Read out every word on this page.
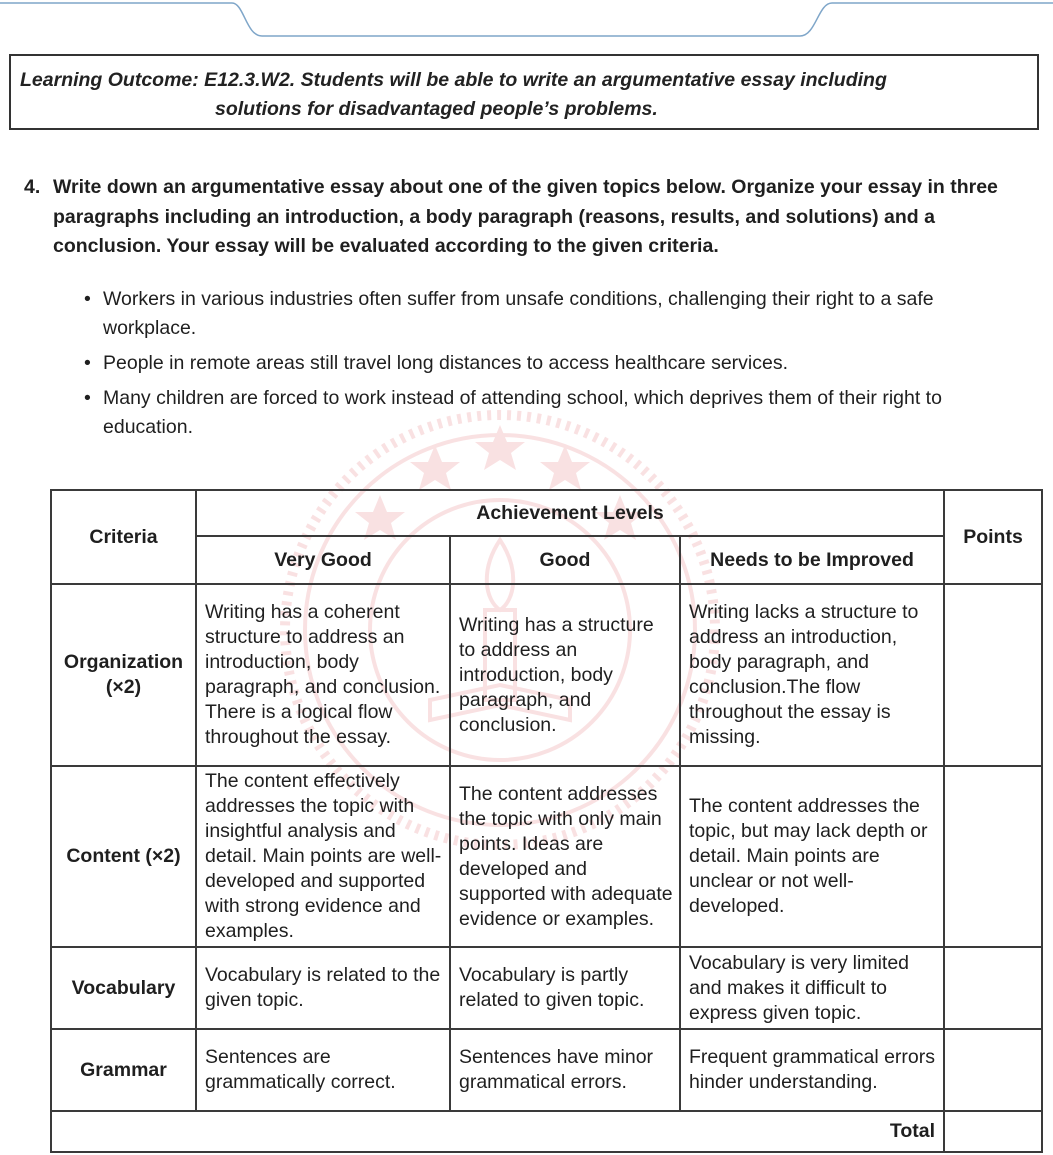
Learning Outcome: E12.3.W2. Students will be able to write an argumentative essay including
solutions for disadvantaged people’s problems.
4. Write down an argumentative essay about one of the given topics below. Organize your essay in three paragraphs including an introduction, a body paragraph (reasons, results, and solutions) and a conclusion. Your essay will be evaluated according to the given criteria.
• Workers in various industries often suffer from unsafe conditions, challenging their right to a safe workplace.
• People in remote areas still travel long distances to access healthcare services.
• Many children are forced to work instead of attending school, which deprives them of their right to education.
Criteria	Achievement Levels			Points
	Very Good	Good	Needs to be Improved	
Organization (×2)	Writing has a coherent structure to address an introduction, body paragraph, and conclusion. There is a logical flow throughout the essay.	Writing has a structure to address an introduction, body paragraph, and conclusion.	Writing lacks a structure to address an introduction, body paragraph, and conclusion.The flow throughout the essay is missing.	
Content (×2)	The content effectively addresses the topic with insightful analysis and detail. Main points are well-developed and supported with strong evidence and examples.	The content addresses the topic with only main points. Ideas are developed and supported with adequate evidence or examples.	The content addresses the topic, but may lack depth or detail. Main points are unclear or not well-developed.	
Vocabulary	Vocabulary is related to the given topic.	Vocabulary is partly related to given topic.	Vocabulary is very limited and makes it difficult to express given topic.	
Grammar	Sentences are grammatically correct.	Sentences have minor grammatical errors.	Frequent grammatical errors hinder understanding.	
Total				
